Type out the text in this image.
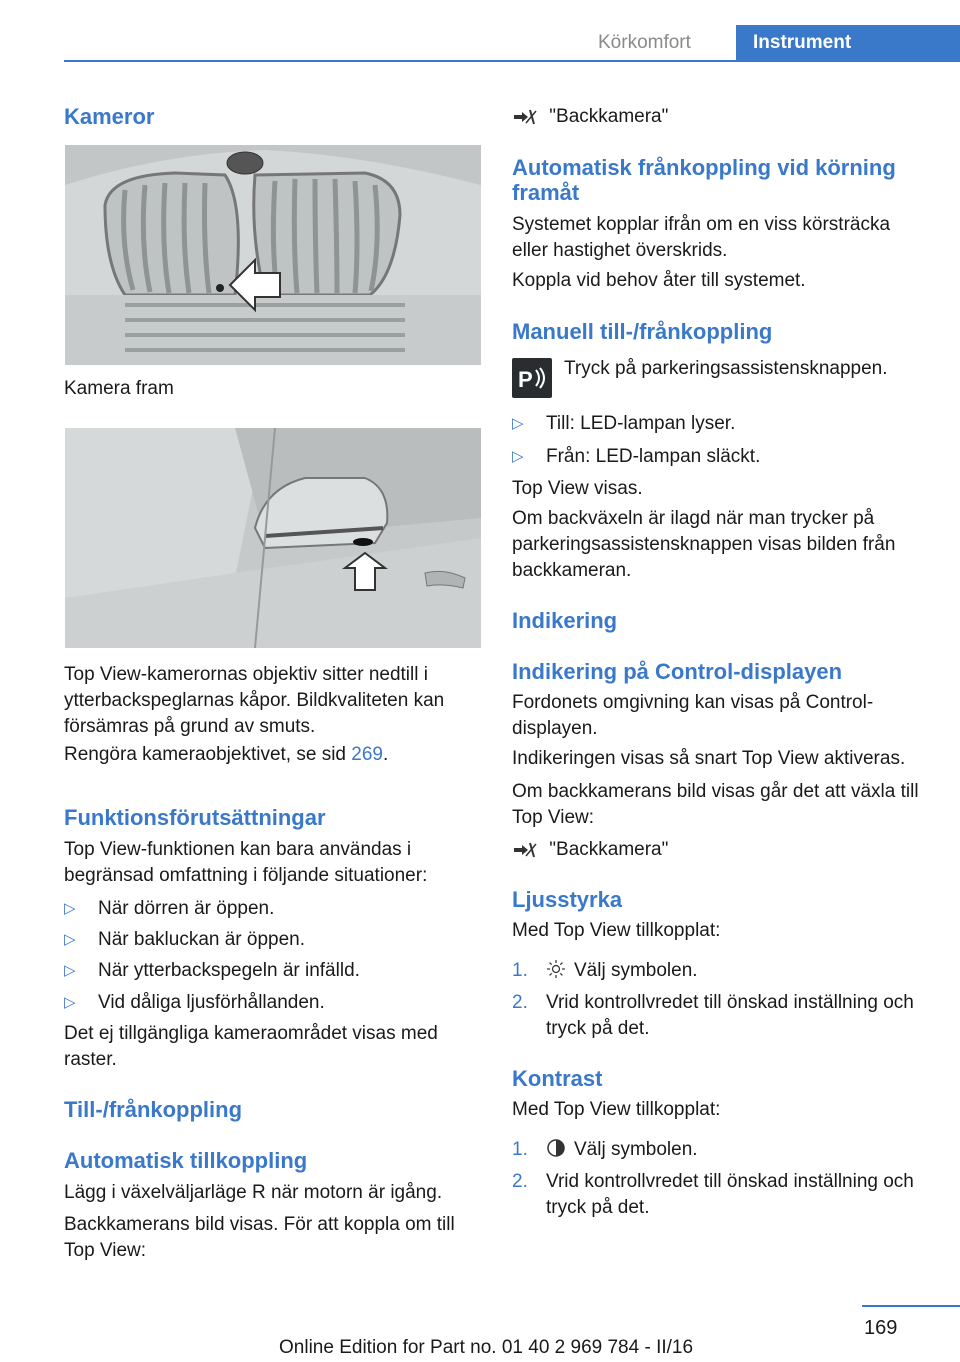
Körkomfort	Instrument
Kameror
Kamera fram
Top View-kamerornas objektiv sitter nedtill i ytterbackspeglarnas kåpor. Bildkvaliteten kan försämras på grund av smuts.
Rengöra kameraobjektivet, se sid 269.
Funktionsförutsättningar
Top View-funktionen kan bara användas i begränsad omfattning i följande situationer:
▷ När dörren är öppen.
▷ När bakluckan är öppen.
▷ När ytterbackspegeln är infälld.
▷ Vid dåliga ljusförhållanden.
Det ej tillgängliga kameraområdet visas med raster.
Till-/frånkoppling
Automatisk tillkoppling
Lägg i växelväljarläge R när motorn är igång.
Backkamerans bild visas. För att koppla om till Top View:
"Backkamera"
Automatisk frånkoppling vid körning framåt
Systemet kopplar ifrån om en viss körsträcka eller hastighet överskrids.
Koppla vid behov åter till systemet.
Manuell till-/frånkoppling
P Tryck på parkeringsassistensknappen.
▷ Till: LED-lampan lyser.
▷ Från: LED-lampan släckt.
Top View visas.
Om backväxeln är ilagd när man trycker på parkeringsassistensknappen visas bilden från backkameran.
Indikering
Indikering på Control-displayen
Fordonets omgivning kan visas på Control-displayen.
Indikeringen visas så snart Top View aktiveras.
Om backkamerans bild visas går det att växla till Top View:
"Backkamera"
Ljusstyrka
Med Top View tillkopplat:
1.	Välj symbolen.
2. Vrid kontrollvredet till önskad inställning och tryck på det.
Kontrast
Med Top View tillkopplat:
1.	Välj symbolen.
2. Vrid kontrollvredet till önskad inställning och tryck på det.
169
Online Edition for Part no. 01 40 2 969 784 - II/16
